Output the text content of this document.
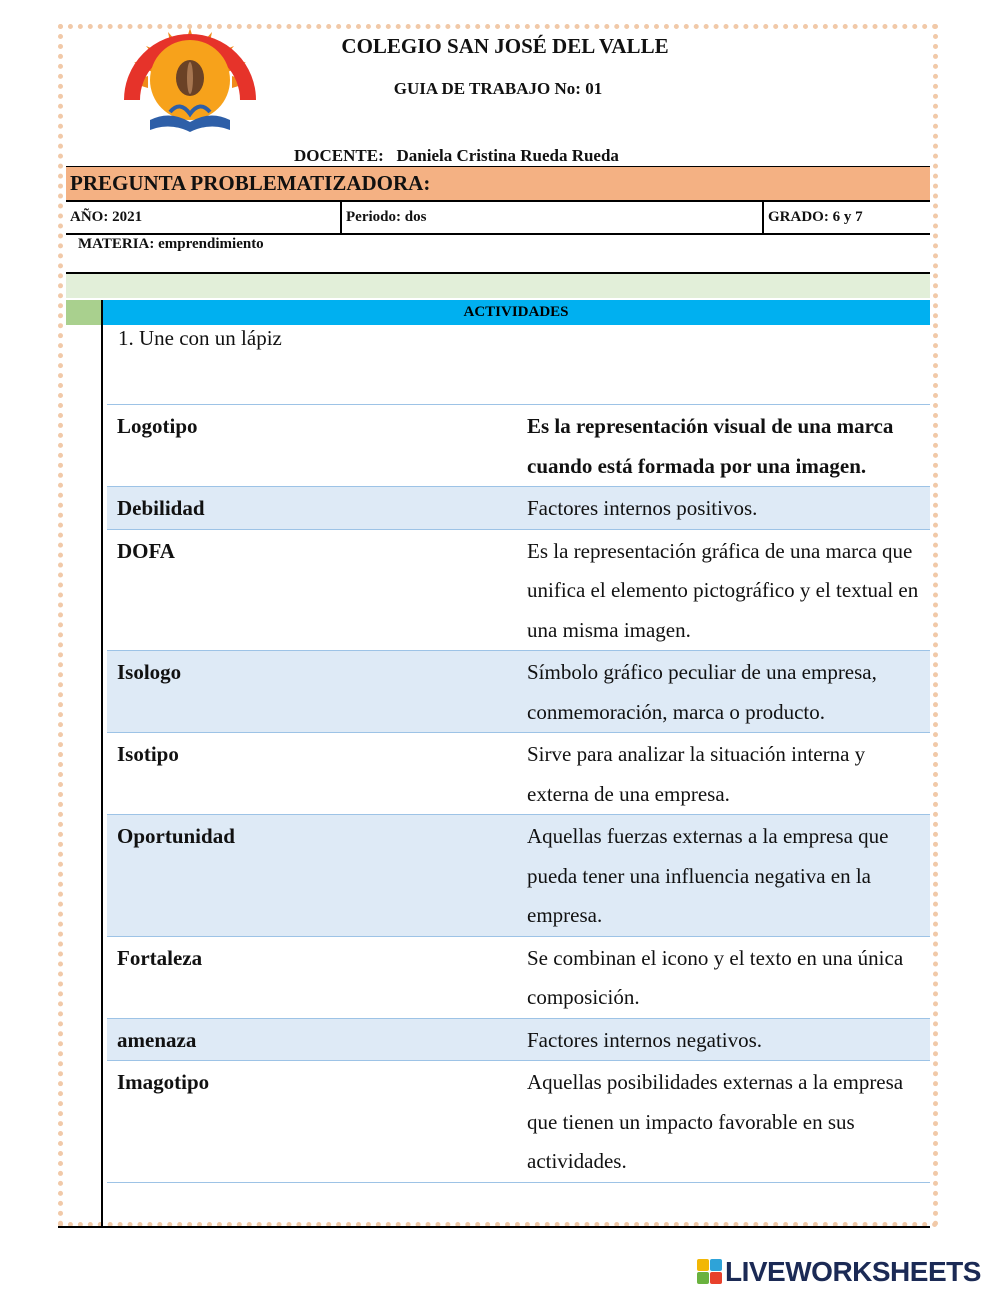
COLEGIO SAN JOSÉ DEL VALLE
GUIA DE TRABAJO No: 01
DOCENTE: Daniela Cristina Rueda Rueda
PREGUNTA PROBLEMATIZADORA:
AÑO: 2021	Periodo: dos	GRADO: 6 y 7
MATERIA: emprendimiento
ACTIVIDADES
1. Une con un lápiz
Logotipo	Es la representación visual de una marca cuando está formada por una imagen.
Debilidad	Factores internos positivos.
DOFA	Es la representación gráfica de una marca que unifica el elemento pictográfico y el textual en una misma imagen.
Isologo	Símbolo gráfico peculiar de una empresa, conmemoración, marca o producto.
Isotipo	Sirve para analizar la situación interna y externa de una empresa.
Oportunidad	Aquellas fuerzas externas a la empresa que pueda tener una influencia negativa en la empresa.
Fortaleza	Se combinan el icono y el texto en una única composición.
amenaza	Factores internos negativos.
Imagotipo	Aquellas posibilidades externas a la empresa que tienen un impacto favorable en sus actividades.
LIVEWORKSHEETS
